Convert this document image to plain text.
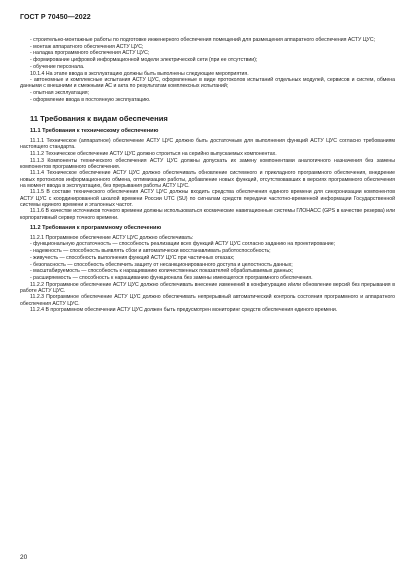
ГОСТ Р 70450—2022

- строительно-монтажные работы по подготовке инженерного обеспечения помещений для размещения аппаратного обеспечения АСТУ ЦУС;

- монтаж аппаратного обеспечения АСТУ ЦУС;

- наладка программного обеспечения АСТУ ЦУС;

- формирование цифровой информационной модели электрической сети (при ее отсутствии);

- обучение персонала.

10.1.4 На этапе ввода в эксплуатацию должны быть выполнены следующие мероприятия.

- автономные и комплексные испытания АСТУ ЦУС, оформленные в виде протоколов испытаний отдельных модулей, сервисов и систем, обмена данными с внешними и смежными АС и акта по результатам комплексных испытаний;

- опытная эксплуатация;

- оформление ввода в постоянную эксплуатацию.

11 Требования к видам обеспечения
11.1 Требования к техническому обеспечению

11.1.1 Техническое (аппаратное) обеспечение АСТУ ЦУС должно быть достаточным для выполнения функций АСТУ ЦУС согласно требованиям настоящего стандарта.

11.1.2 Техническое обеспечение АСТУ ЦУС должно строиться на серийно выпускаемых компонентах.

11.1.3 Компоненты технического обеспечения АСТУ ЦУС должны допускать их замену компонентами аналогичного назначения без замены компонентов программного обеспечения.

11.1.4 Техническое обеспечение АСТУ ЦУС должно обеспечивать обновление системного и прикладного программного обеспечения, внедрение новых протоколов информационного обмена, оптимизацию работы, добавление новых функций, отсутствовавших в версиях программного обеспечения на момент ввода в эксплуатацию, без прерывания работы АСТУ ЦУС.

11.1.5 В составе технического обеспечения АСТУ ЦУС должны входить средства обеспечения единого времени для синхронизации компонентов АСТУ ЦУС с координированной шкалой времени России UTC (SU) по сигналам средств передачи частотно-временной информации Государственной системы единого времени и эталонных частот.

11.1.6 В качестве источников точного времени должны использоваться космические навигационные системы ГЛОНАСС (GPS в качестве резерва) или корпоративный сервер точного времени.

11.2 Требования к программному обеспечению

11.2.1 Программное обеспечение АСТУ ЦУС должно обеспечивать:

- функциональную достаточность — способность реализации всех функций АСТУ ЦУС согласно заданию на проектирование;

- надежность — способность выявлять сбои и автоматически восстанавливать работоспособность;

- живучесть — способность выполнения функций АСТУ ЦУС при частичных отказах;

- безопасность — способность обеспечить защиту от несанкционированного доступа и целостность данных;

- масштабируемость — способность к наращиванию количественных показателей обрабатываемых данных;

- расширяемость — способность к наращиванию функционала без замены имеющегося программного обеспечения.

11.2.2 Программное обеспечение АСТУ ЦУС должно обеспечивать внесение изменений в конфигурацию и/или обновление версий без прерывания в работе АСТУ ЦУС.

11.2.3 Программное обеспечение АСТУ ЦУС должно обеспечивать непрерывный автоматический контроль состояния программного и аппаратного обеспечения АСТУ ЦУС.

11.2.4 В программном обеспечении АСТУ ЦУС должен быть предусмотрен мониторинг средств обеспечения единого времени.

20
